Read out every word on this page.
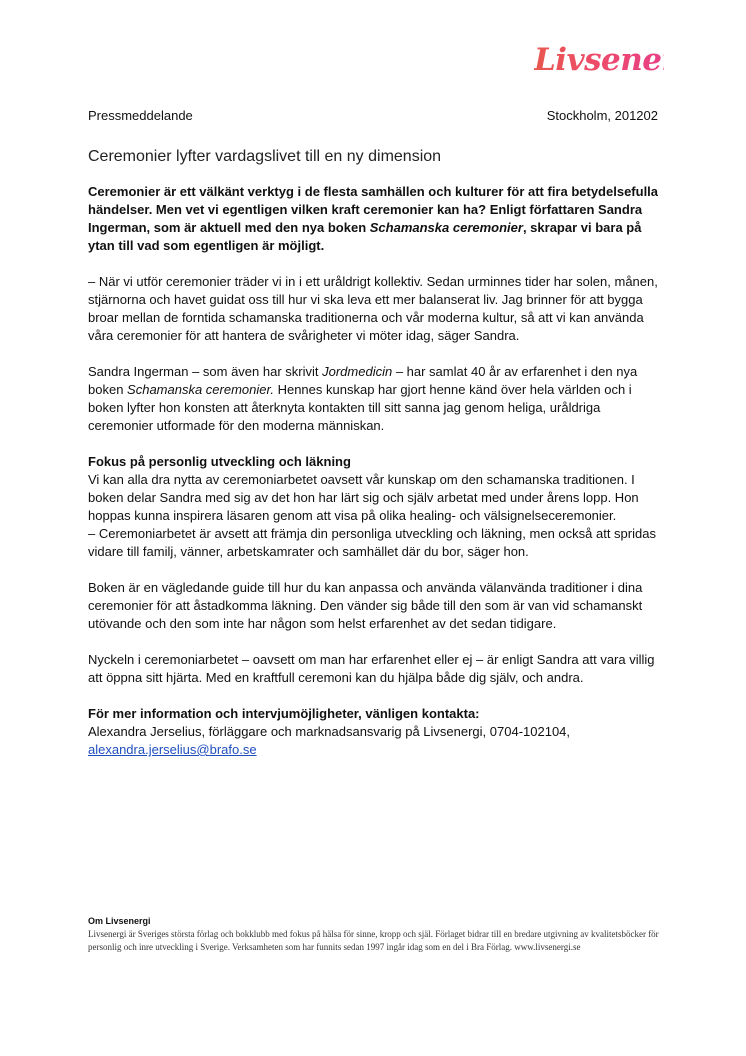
Livsenergi
Pressmeddelande	Stockholm, 201202
Ceremonier lyfter vardagslivet till en ny dimension

Ceremonier är ett välkänt verktyg i de flesta samhällen och kulturer för att fira betydelsefulla händelser. Men vet vi egentligen vilken kraft ceremonier kan ha? Enligt författaren Sandra Ingerman, som är aktuell med den nya boken Schamanska ceremonier, skrapar vi bara på ytan till vad som egentligen är möjligt.

– När vi utför ceremonier träder vi in i ett uråldrigt kollektiv. Sedan urminnes tider har solen, månen, stjärnorna och havet guidat oss till hur vi ska leva ett mer balanserat liv. Jag brinner för att bygga broar mellan de forntida schamanska traditionerna och vår moderna kultur, så att vi kan använda våra ceremonier för att hantera de svårigheter vi möter idag, säger Sandra.

Sandra Ingerman – som även har skrivit Jordmedicin – har samlat 40 år av erfarenhet i den nya boken Schamanska ceremonier. Hennes kunskap har gjort henne känd över hela världen och i boken lyfter hon konsten att återknyta kontakten till sitt sanna jag genom heliga, uråldriga ceremonier utformade för den moderna människan.

Fokus på personlig utveckling och läkning

Vi kan alla dra nytta av ceremoniarbetet oavsett vår kunskap om den schamanska traditionen. I boken delar Sandra med sig av det hon har lärt sig och själv arbetat med under årens lopp. Hon hoppas kunna inspirera läsaren genom att visa på olika healing- och välsignelseceremonier.

– Ceremoniarbetet är avsett att främja din personliga utveckling och läkning, men också att spridas vidare till familj, vänner, arbetskamrater och samhället där du bor, säger hon.

Boken är en vägledande guide till hur du kan anpassa och använda välanvända traditioner i dina ceremonier för att åstadkomma läkning. Den vänder sig både till den som är van vid schamanskt utövande och den som inte har någon som helst erfarenhet av det sedan tidigare.

Nyckeln i ceremoniarbetet – oavsett om man har erfarenhet eller ej – är enligt Sandra att vara villig att öppna sitt hjärta. Med en kraftfull ceremoni kan du hjälpa både dig själv, och andra.

För mer information och intervjumöjligheter, vänligen kontakta:

Alexandra Jerselius, förläggare och marknadsansvarig på Livsenergi, 0704-102104,

alexandra.jerselius@brafo.se

Om Livsenergi
Livsenergi är Sveriges största förlag och bokklubb med fokus på hälsa för sinne, kropp och själ. Förlaget bidrar till en bredare utgivning av kvalitetsböcker för personlig och inre utveckling i Sverige. Verksamheten som har funnits sedan 1997 ingår idag som en del i Bra Förlag. www.livsenergi.se
